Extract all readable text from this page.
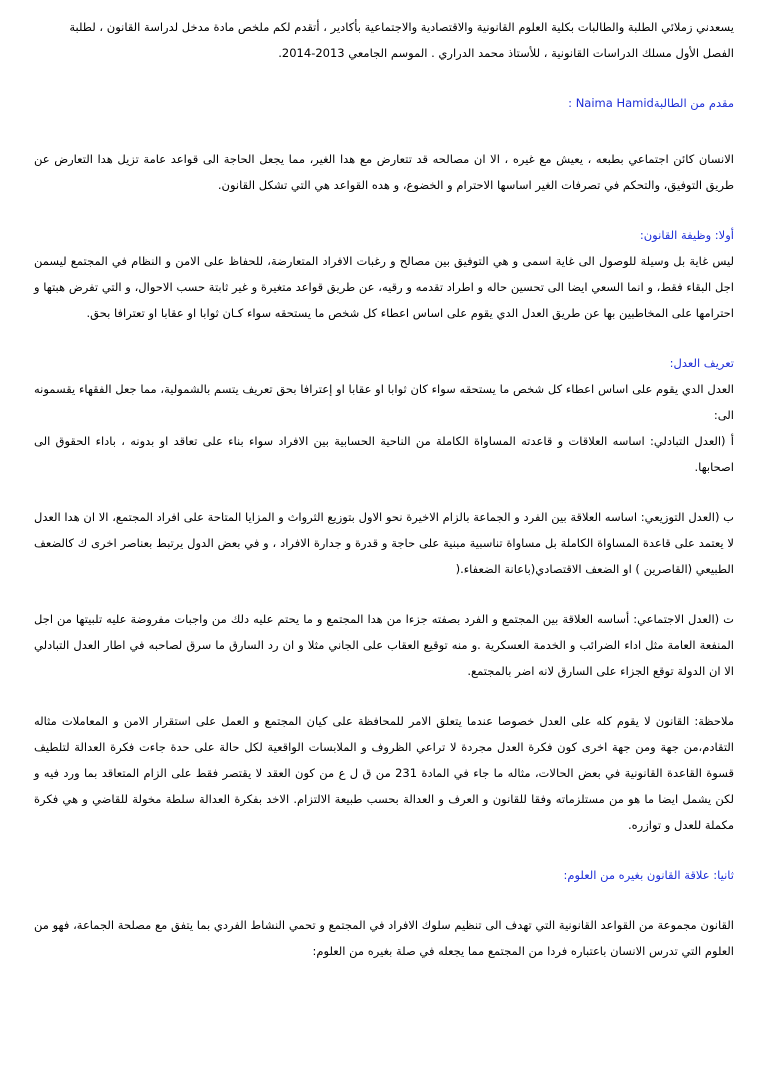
يسعدني زملائي الطلبة والطالبات بكلية العلوم القانونية والاقتصادية والاجتماعية بأكادير ، أتقدم لكم ملخص مادة مدخل لدراسة القانون ، لطلبة

الفصل الأول مسلك الدراسات القانونية ، للأستاذ محمد الدراري . الموسم الجامعي 2013-2014.

مقدم من الطالبةNaima Hamid :

الانسان كائن اجتماعي بطبعه ، يعيش مع غيره ، الا ان مصالحه قد تتعارض مع هدا الغير، مما يجعل الحاجة الى قواعد عامة تزيل هدا التعارض عن طريق التوفيق، والتحكم في تصرفات الغير اساسها الاحترام و الخضوع، و هده القواعد هي التي تشكل القانون.

أولا: وظيفة القانون:

ليس غاية بل وسيلة للوصول الى غاية اسمى و هي التوفيق بين مصالح و رغبات الافراد المتعارضة، للحفاظ على الامن و النظام في المجتمع ليسمن اجل البقاء فقط، و انما السعي ايضا الى تحسين حاله و اطراد تقدمه و رقيه، عن طريق قواعد متغيرة و غير ثابتة حسب الاحوال، و التي تفرض هبتها و احترامها على المخاطبين بها عن طريق العدل الدي يقوم على اساس اعطاء كل شخص ما يستحقه سواء كـان ثوابا او عقابا او تعترافا بحق.

تعريف العدل:

العدل الدي يقوم على اساس اعطاء كل شخص ما يستحقه سواء كان ثوابا او عقابا او إعترافا بحق تعريف يتسم بالشمولية، مما جعل الفقهاء يقسمونه الى:

أ (العدل التبادلي: اساسه العلاقات و قاعدته المساواة الكاملة من الناحية الحسابية بين الافراد سواء بناء على تعاقد او بدونه ، باداء الحقوق الى اصحابها.

ب (العدل التوزيعي: اساسه العلاقة بين الفرد و الجماعة بالزام الاخيرة نحو الاول بتوزيع الثرواث و المزايا المتاحة على افراد المجتمع، الا ان هدا العدل لا يعتمد على قاعدة المساواة الكاملة بل مساواة تناسبية مبنية على حاجة و قدرة و جدارة الافراد ، و في بعض الدول يرتبط بعناصر اخرى ك كالضعف الطبيعي (القاصرين ) او الضعف الاقتصادي(باعانة الضعفاء.(

ت (العدل الاجتماعي: أساسه العلاقة بين المجتمع و الفرد بصفته جزءا من هدا المجتمع و ما يحتم عليه دلك من واجبات مفروضة عليه تلبيتها من اجل المنفعة العامة مثل اداء الضرائب و الخدمة العسكرية .و منه توقيع العقاب على الجاني مثلا و ان رد السارق ما سرق لصاحبه في اطار العدل التبادلي الا ان الدولة توقع الجزاء على السارق لانه اضر بالمجتمع.

ملاحظة: القانون لا يقوم كله على العدل خصوصا عندما يتعلق الامر للمحافظة على كيان المجتمع و العمل على استقرار الامن و المعاملات مثاله التقادم،من جهة ومن جهة اخرى كون فكرة العدل مجردة لا تراعي الظروف و الملابسات الواقعية لكل حالة على حدة جاءت فكرة العدالة لتلطيف قسوة القاعدة القانونية في بعض الحالات، مثاله ما جاء في المادة 231 من ق ل ع من كون العقد لا يقتصر فقط على الزام المتعاقد بما ورد فيه و لكن يشمل ايضا ما هو من مستلزماته وفقا للقانون و العرف و العدالة بحسب طبيعة الالتزام. الاخد بفكرة العدالة سلطة مخولة للقاضي و هي فكرة مكملة للعدل و توازره.

ثانيا: علاقة القانون بغيره من العلوم:

القانون مجموعة من القواعد القانونية التي تهدف الى تنظيم سلوك الافراد في المجتمع و تحمي النشاط الفردي بما يتفق مع مصلحة الجماعة، فهو من العلوم التي تدرس الانسان باعتباره فردا من المجتمع مما يجعله في صلة بغيره من العلوم:
